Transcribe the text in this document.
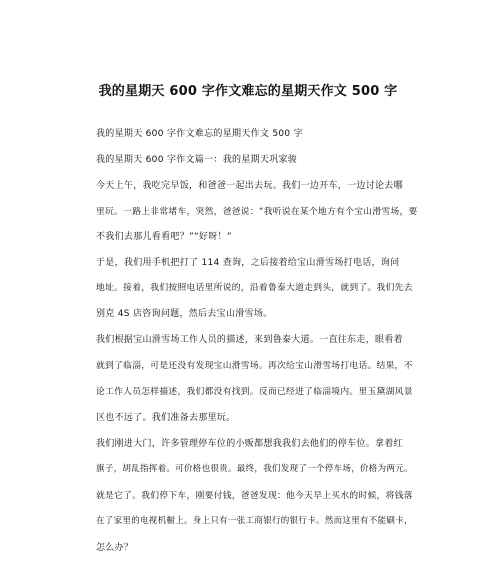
我的星期天 600 字作文难忘的星期天作文 500 字
我的星期天 600 字作文难忘的星期天作文 500 字
我的星期天 600 字作文篇一：我的星期天巩家骏
今天上午，我吃完早饭，和爸爸一起出去玩。我们一边开车，一边讨论去哪
里玩。一路上非常堵车，突然，爸爸说：“我听说在某个地方有个宝山滑雪场，要
不我们去那儿看看吧？”“好呀！”
于是，我们用手机把打了 114 查询，之后接着给宝山滑雪场打电话，询问
地址。接着，我们按照电话里所说的，沿着鲁泰大道走到头，就到了。我们先去
别克 4S 店咨询问题，然后去宝山滑雪场。
我们根据宝山滑雪场工作人员的描述，来到鲁泰大道。一直往东走，眼看着
就到了临淄，可是还没有发现宝山滑雪场。再次给宝山滑雪场打电话。结果，不
论工作人员怎样描述，我们都没有找到。反而已经进了临淄境内。里玉黛湖风景
区也不远了。我们准备去那里玩。
我们刚进大门，许多管理停车位的小贩都想我我们去他们的停车位。拿着红
旗子，胡乱指挥着。可价格也很贵。最终，我们发现了一个停车场，价格为两元。
就是它了。我们停下车，刚要付钱，爸爸发现：他今天早上买水的时候，将钱落
在了家里的电视机橱上。身上只有一张工商银行的银行卡。然而这里有不能刷卡，
怎么办？
